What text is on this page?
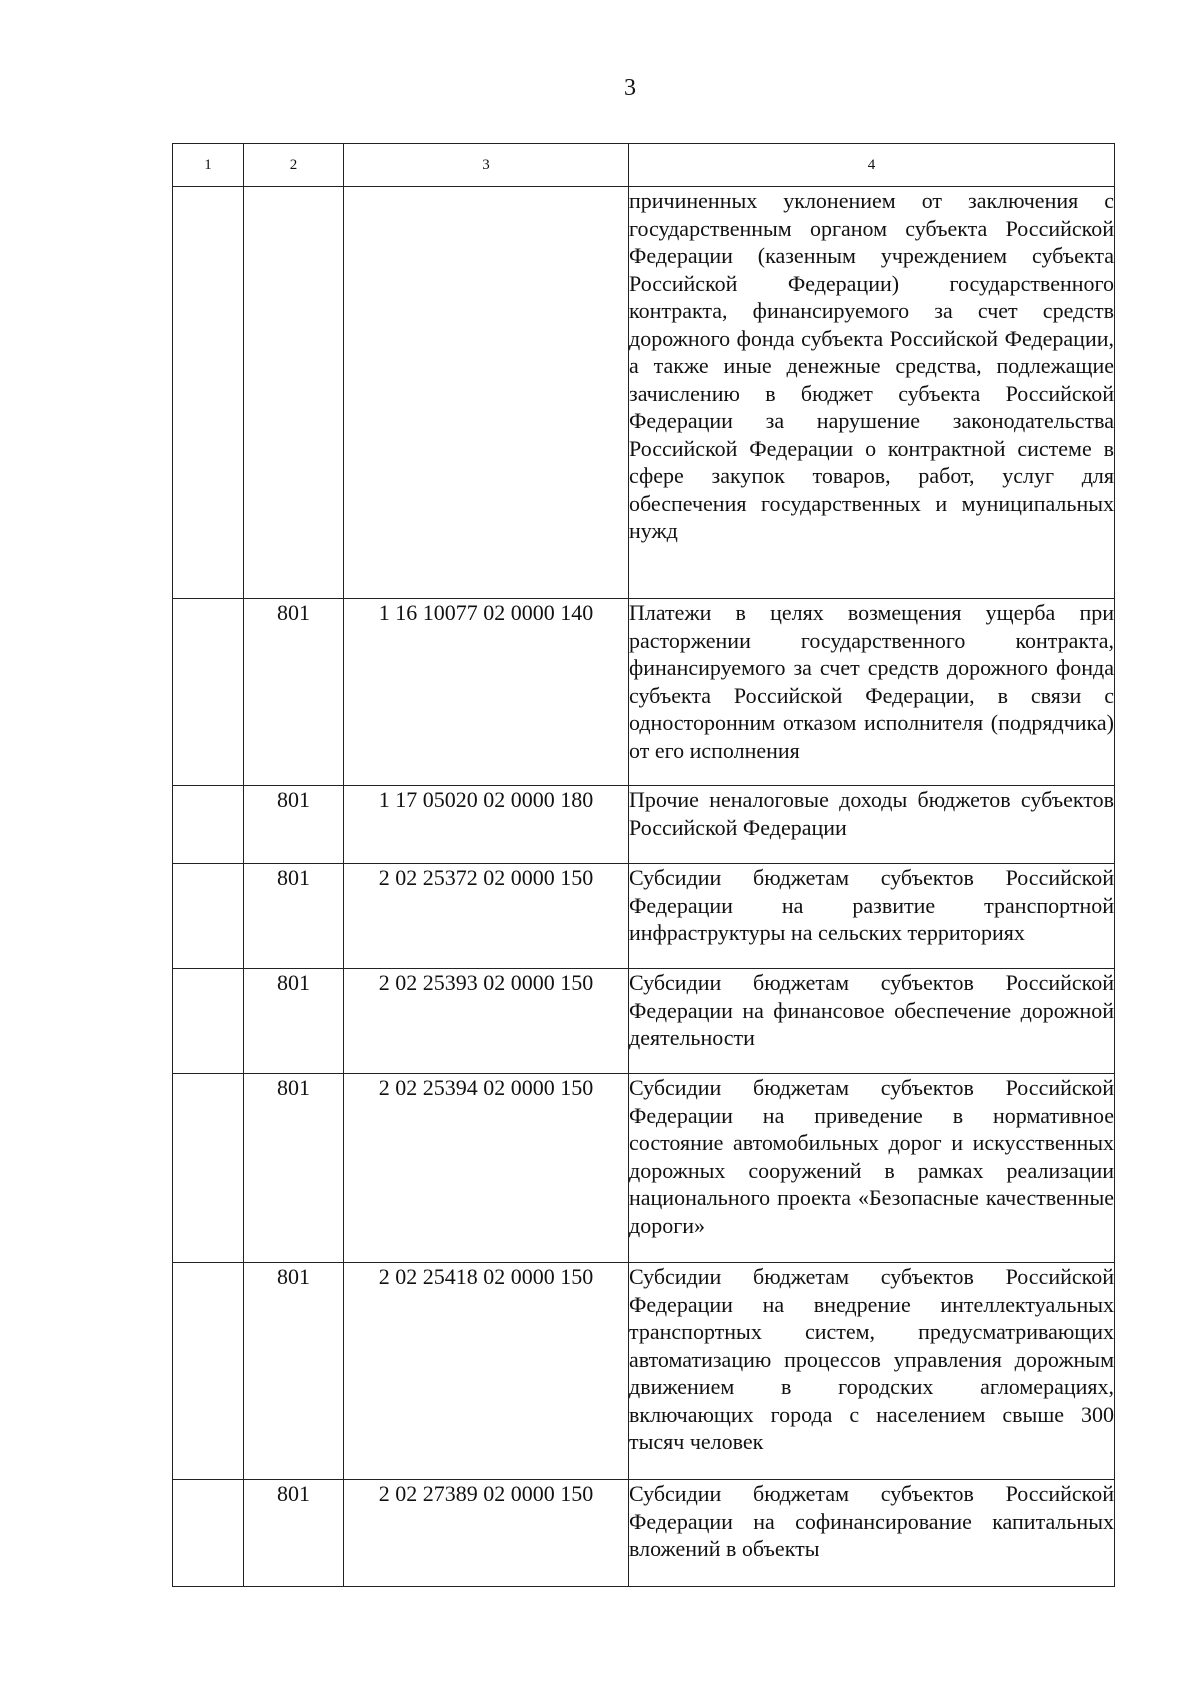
3
1	2	3	4
			причиненных уклонением от заключения с государственным органом субъекта Российской Федерации (казенным учреждением субъекта Российской Федерации) государственного контракта, финансируемого за счет средств дорожного фонда субъекта Российской Федерации, а также иные денежные средства, подлежащие зачислению в бюджет субъекта Российской Федерации за нарушение законодательства Российской Федерации о контрактной системе в сфере закупок товаров, работ, услуг для обеспечения государственных и муниципальных нужд
	801	1 16 10077 02 0000 140	Платежи в целях возмещения ущерба при расторжении государственного контракта, финансируемого за счет средств дорожного фонда субъекта Российской Федерации, в связи с односторонним отказом исполнителя (подрядчика) от его исполнения
	801	1 17 05020 02 0000 180	Прочие неналоговые доходы бюджетов субъектов Российской Федерации
	801	2 02 25372 02 0000 150	Субсидии бюджетам субъектов Российской Федерации на развитие транспортной инфраструктуры на сельских территориях
	801	2 02 25393 02 0000 150	Субсидии бюджетам субъектов Российской Федерации на финансовое обеспечение дорожной деятельности
	801	2 02 25394 02 0000 150	Субсидии бюджетам субъектов Российской Федерации на приведение в нормативное состояние автомобильных дорог и искусственных дорожных сооружений в рамках реализации национального проекта «Безопасные качественные дороги»
	801	2 02 25418 02 0000 150	Субсидии бюджетам субъектов Российской Федерации на внедрение интеллектуальных транспортных систем, предусматривающих автоматизацию процессов управления дорожным движением в городских агломерациях, включающих города с населением свыше 300 тысяч человек
	801	2 02 27389 02 0000 150	Субсидии бюджетам субъектов Российской Федерации на софинансирование капитальных вложений в объекты
